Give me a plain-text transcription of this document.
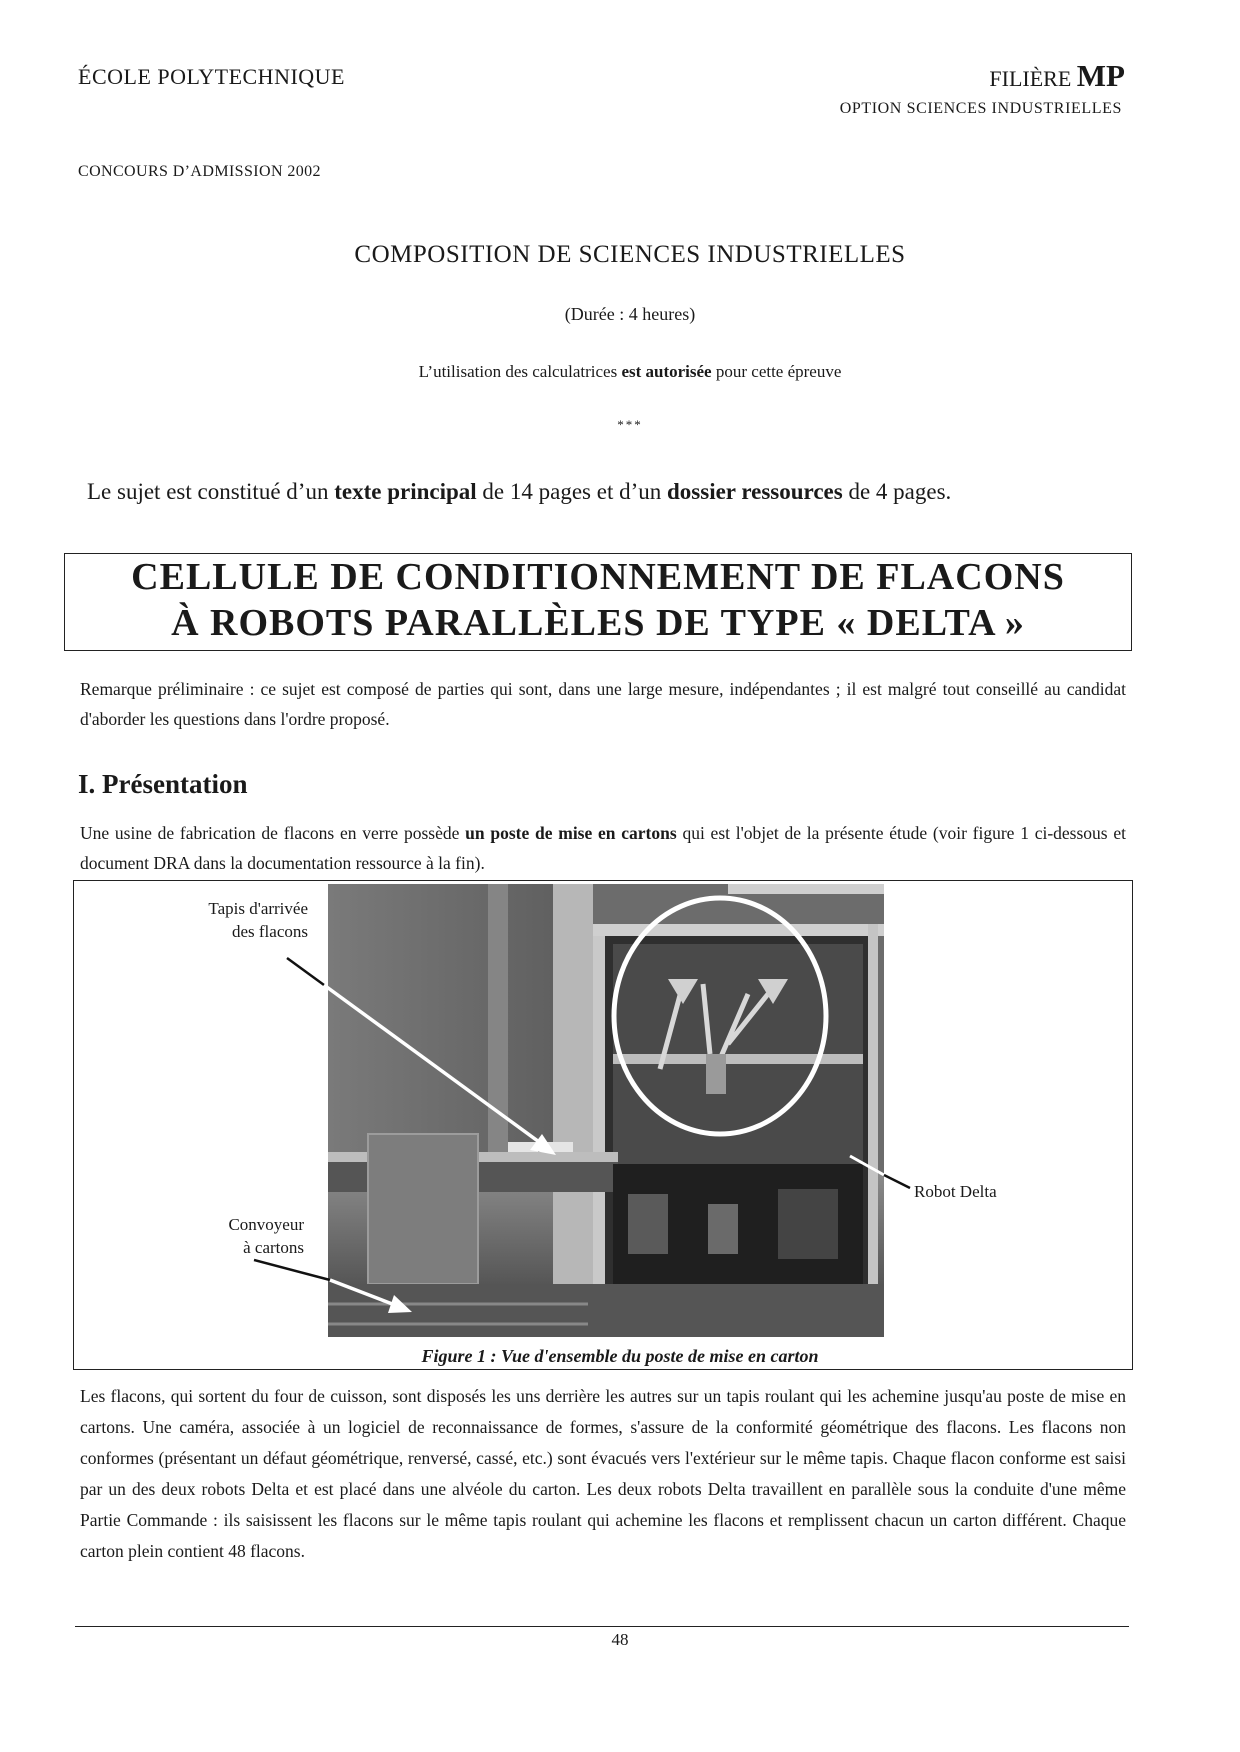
ÉCOLE POLYTECHNIQUE	FILIÈRE MP
OPTION SCIENCES INDUSTRIELLES
CONCOURS D’ADMISSION 2002
COMPOSITION DE SCIENCES INDUSTRIELLES
(Durée : 4 heures)
L’utilisation des calculatrices est autorisée pour cette épreuve
***
Le sujet est constitué d’un texte principal de 14 pages et d’un dossier ressources de 4 pages.
CELLULE DE CONDITIONNEMENT DE FLACONS
À ROBOTS PARALLÈLES DE TYPE « DELTA »
Remarque préliminaire : ce sujet est composé de parties qui sont, dans une large mesure, indépendantes ; il est malgré tout conseillé au candidat d'aborder les questions dans l'ordre proposé.
I. Présentation
Une usine de fabrication de flacons en verre possède un poste de mise en cartons qui est l'objet de la présente étude (voir figure 1 ci-dessous et document DRA dans la documentation ressource à la fin).
Tapis d'arrivée
des flacons
Convoyeur
à cartons
Robot Delta
Figure 1 : Vue d'ensemble du poste de mise en carton
Les flacons, qui sortent du four de cuisson, sont disposés les uns derrière les autres sur un tapis roulant qui les achemine jusqu'au poste de mise en cartons. Une caméra, associée à un logiciel de reconnaissance de formes, s'assure de la conformité géométrique des flacons. Les flacons non conformes (présentant un défaut géométrique, renversé, cassé, etc.) sont évacués vers l'extérieur sur le même tapis. Chaque flacon conforme est saisi par un des deux robots Delta et est placé dans une alvéole du carton. Les deux robots Delta travaillent en parallèle sous la conduite d'une même Partie Commande : ils saisissent les flacons sur le même tapis roulant qui achemine les flacons et remplissent chacun un carton différent. Chaque carton plein contient 48 flacons.
48
